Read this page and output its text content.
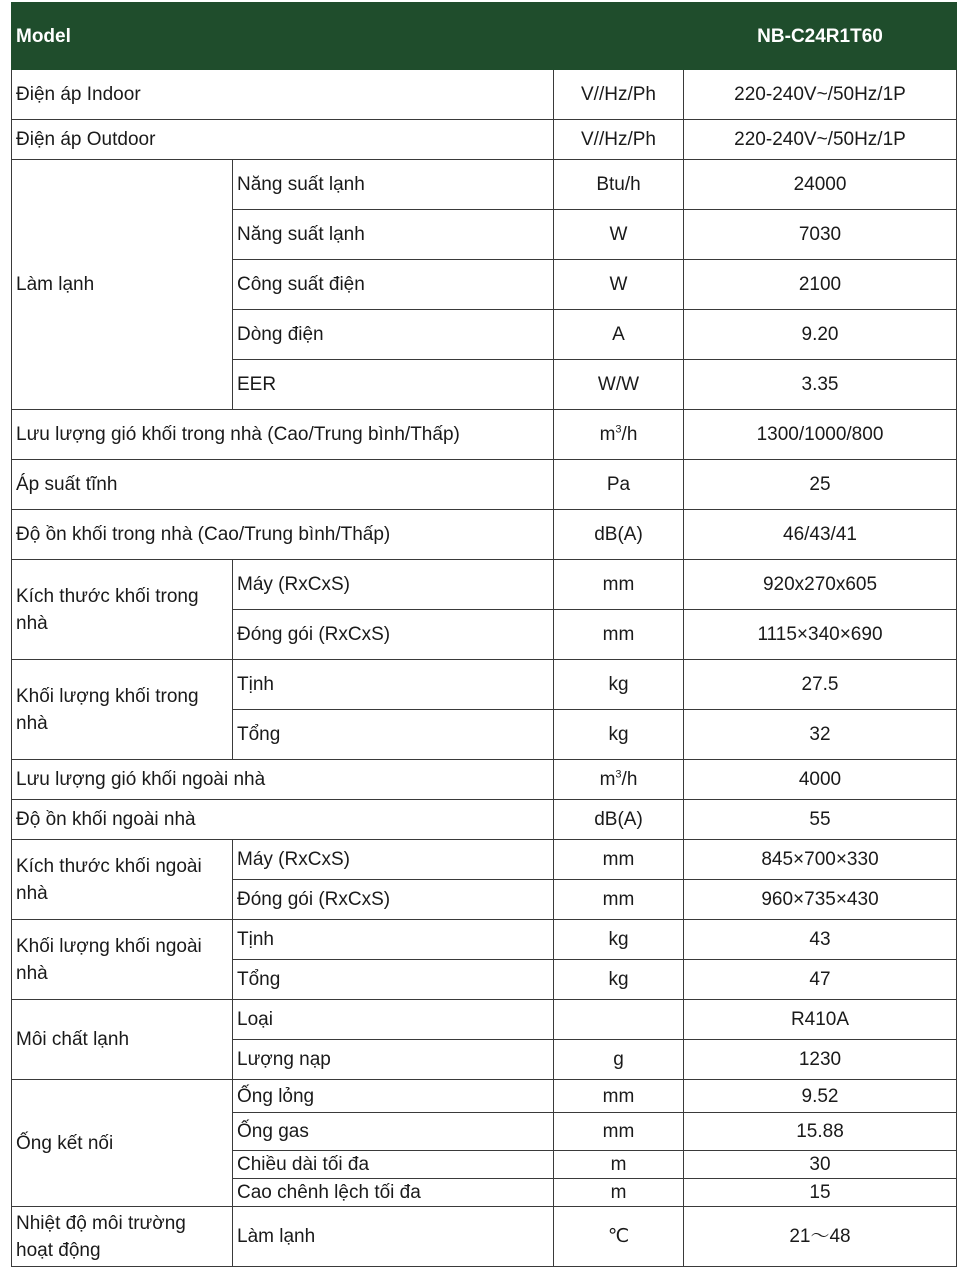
Model			NB-C24R1T60
Điện áp Indoor		V//Hz/Ph	220-240V~/50Hz/1P
Điện áp Outdoor		V//Hz/Ph	220-240V~/50Hz/1P
Làm lạnh	Năng suất lạnh	Btu/h	24000
	Năng suất lạnh	W	7030
	Công suất điện	W	2100
	Dòng điện	A	9.20
	EER	W/W	3.35
Lưu lượng gió khối trong nhà (Cao/Trung bình/Thấp)		$m^3/h$	1300/1000/800
Áp suất tĩnh		Pa	25
Độ ồn khối trong nhà (Cao/Trung bình/Thấp)		dB(A)	46/43/41
Kích thước khối trong nhà	Máy (RxCxS)	mm	920x270x605
	Đóng gói (RxCxS)	mm	1115×340×690
Khối lượng khối trong nhà	Tịnh	kg	27.5
	Tổng	kg	32
Lưu lượng gió khối ngoài nhà		$m^3/h$	4000
Độ ồn khối ngoài nhà		dB(A)	55
Kích thước khối ngoài nhà	Máy (RxCxS)	mm	845×700×330
	Đóng gói (RxCxS)	mm	960×735×430
Khối lượng khối ngoài nhà	Tịnh	kg	43
	Tổng	kg	47
Môi chất lạnh	Loại		R410A
	Lượng nạp	g	1230
Ống kết nối	Ống lỏng	mm	9.52
	Ống gas	mm	15.88
	Chiều dài tối đa	m	30
	Cao chênh lệch tối đa	m	15
Nhiệt độ môi trường hoạt động	Làm lạnh	℃	21～48
